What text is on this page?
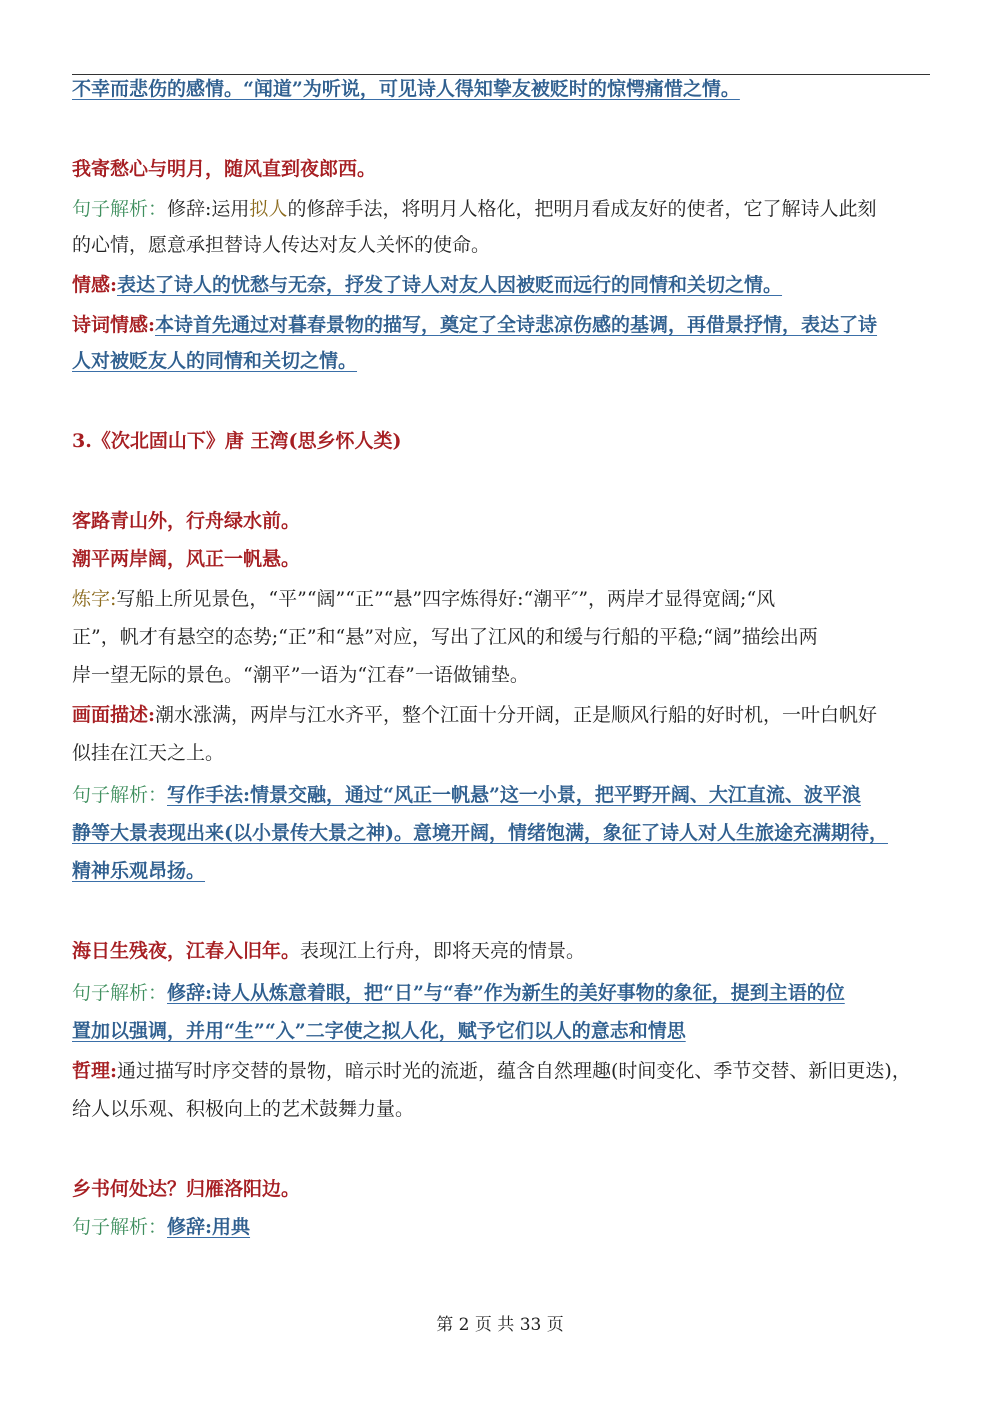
不幸而悲伤的感情。“闻道”为听说，可见诗人得知挚友被贬时的惊愕痛惜之情。
我寄愁心与明月，随风直到夜郎西。
句子解析：修辞:运用拟人的修辞手法，将明月人格化，把明月看成友好的使者，它了解诗人此刻
的心情，愿意承担替诗人传达对友人关怀的使命。
情感:表达了诗人的忧愁与无奈，抒发了诗人对友人因被贬而远行的同情和关切之情。
诗词情感:本诗首先通过对暮春景物的描写，奠定了全诗悲凉伤感的基调，再借景抒情，表达了诗
人对被贬友人的同情和关切之情。
3.《次北固山下》唐 王湾(思乡怀人类)
客路青山外，行舟绿水前。
潮平两岸阔，风正一帆悬。
炼字:写船上所见景色，“平”“阔”“正”“悬”四字炼得好:“潮平″”，两岸才显得宽阔;“风
正”，帆才有悬空的态势;“正”和“悬”对应，写出了江风的和缓与行船的平稳;“阔”描绘出两
岸一望无际的景色。“潮平”一语为“江春”一语做铺垫。
画面描述:潮水涨满，两岸与江水齐平，整个江面十分开阔，正是顺风行船的好时机，一叶白帆好
似挂在江天之上。
句子解析：写作手法:情景交融，通过“风正一帆悬”这一小景，把平野开阔、大江直流、波平浪
静等大景表现出来(以小景传大景之神)。意境开阔，情绪饱满，象征了诗人对人生旅途充满期待，
精神乐观昂扬。
海日生残夜，江春入旧年。表现江上行舟，即将天亮的情景。
句子解析：修辞:诗人从炼意着眼，把“日”与“春”作为新生的美好事物的象征，提到主语的位
置加以强调，并用“生”“入”二字使之拟人化，赋予它们以人的意志和情思
哲理:通过描写时序交替的景物，暗示时光的流逝，蕴含自然理趣(时间变化、季节交替、新旧更迭)，
给人以乐观、积极向上的艺术鼓舞力量。
乡书何处达？归雁洛阳边。
句子解析：修辞:用典
第 2 页 共 33 页
